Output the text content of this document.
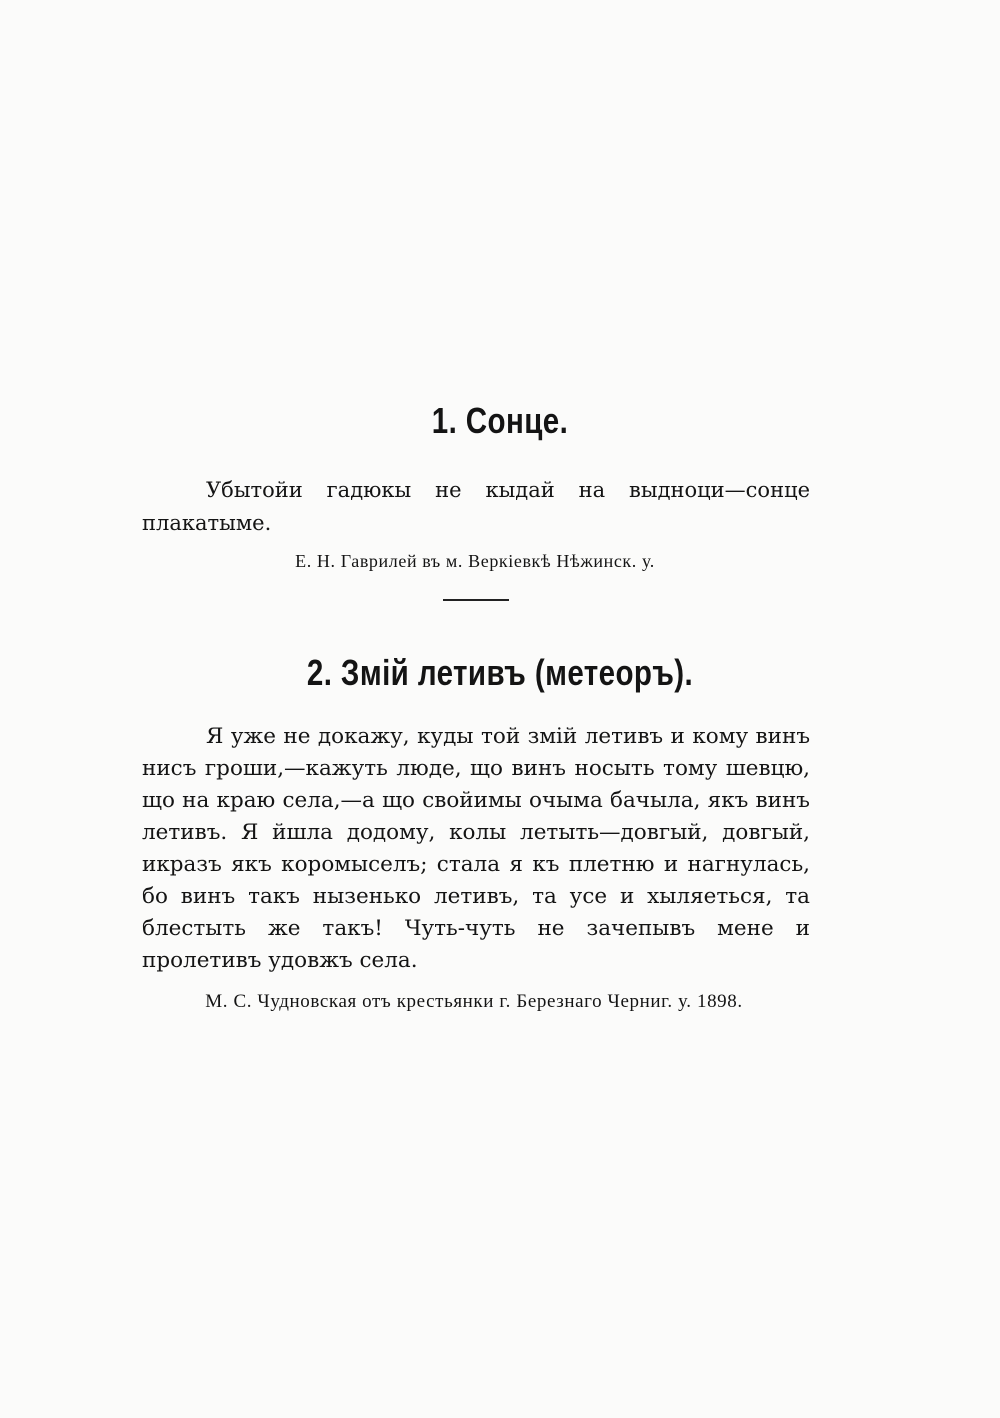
1. Сонце.

Убытойи гадюкы не кыдай на выдноци—сонце плакатыме.

Е. Н. Гаврилей въ м. Веркіевкѣ Нѣжинск. у.

2. Змій летивъ (метеоръ).

Я уже не докажу, куды той змій летивъ и кому винъ нисъ гроши,—кажуть люде, що винъ носыть тому шевцю, що на краю села,—а що свойимы очыма бачыла, якъ винъ летивъ. Я йшла додому, колы летыть—довгый, довгый, икразъ якъ коромыселъ; стала я къ плетню и нагнулась, бо винъ такъ нызенько летивъ, та усе и хыляеться, та блестыть же такъ! Чуть-чуть не зачепывъ мене и пролетивъ удовжъ села.

М. С. Чудновская отъ крестьянки г. Березнаго Черниг. у. 1898.
